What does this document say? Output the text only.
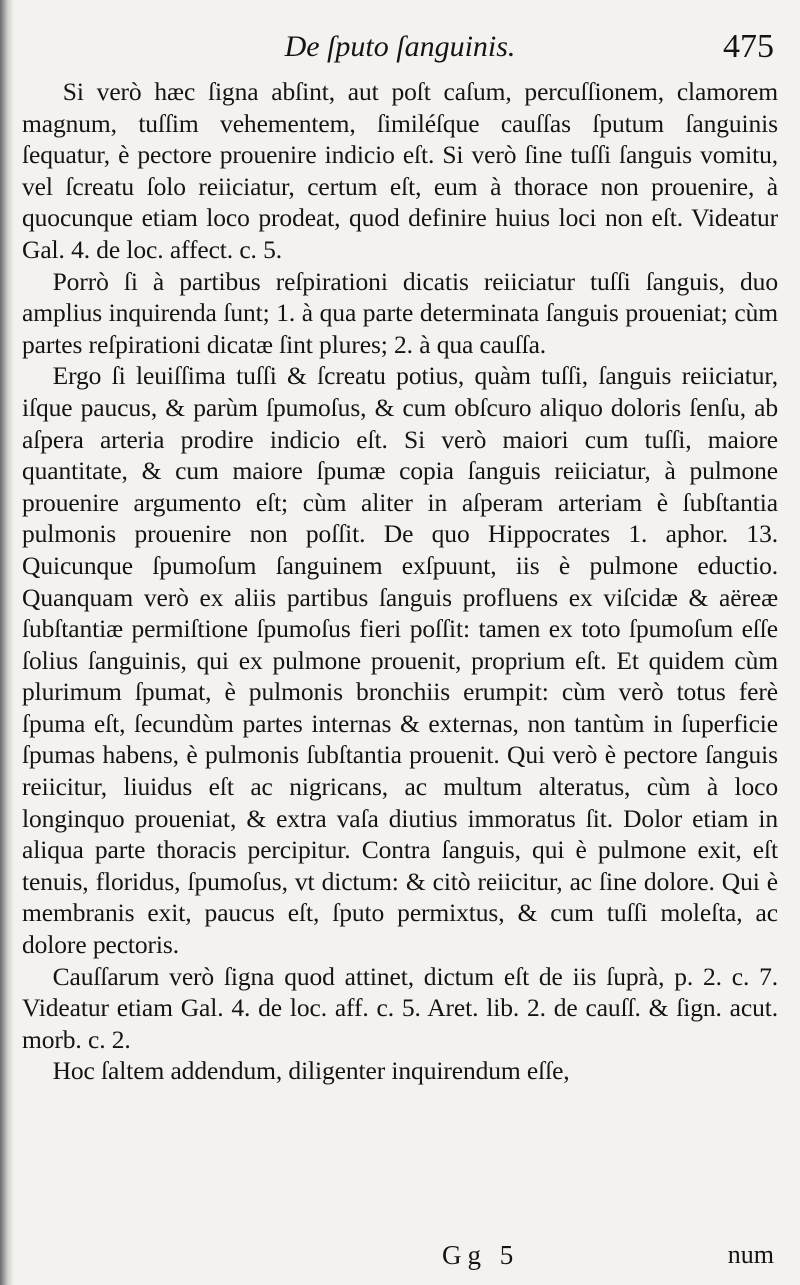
De ſputo ſanguinis.	475

Si verò hæc ſigna abſint, aut poſt caſum, percuſſionem, clamorem magnum, tuſſim vehementem, ſimiléſque cauſſas ſputum ſanguinis ſequatur, è pectore prouenire indicio eſt. Si verò ſine tuſſi ſanguis vomitu, vel ſcreatu ſolo reiiciatur, certum eſt, eum à thorace non prouenire, à quocunque etiam loco prodeat, quod definire huius loci non eſt. Videatur Gal. 4. de loc. affect. c. 5.

Porrò ſi à partibus reſpirationi dicatis reiiciatur tuſſi ſanguis, duo amplius inquirenda ſunt; 1. à qua parte determinata ſanguis proueniat; cùm partes reſpirationi dicatæ ſint plures; 2. à qua cauſſa.

Ergo ſi leuiſſima tuſſi & ſcreatu potius, quàm tuſſi, ſanguis reiiciatur, iſque paucus, & parùm ſpumoſus, & cum obſcuro aliquo doloris ſenſu, ab aſpera arteria prodire indicio eſt. Si verò maiori cum tuſſi, maiore quantitate, & cum maiore ſpumæ copia ſanguis reiiciatur, à pulmone prouenire argumento eſt; cùm aliter in aſperam arteriam è ſubſtantia pulmonis prouenire non poſſit. De quo Hippocrates 1. aphor. 13. Quicunque ſpumoſum ſanguinem exſpuunt, iis è pulmone eductio. Quanquam verò ex aliis partibus ſanguis profluens ex viſcidæ & aëreæ ſubſtantiæ permiſtione ſpumoſus fieri poſſit: tamen ex toto ſpumoſum eſſe ſolius ſanguinis, qui ex pulmone prouenit, proprium eſt. Et quidem cùm plurimum ſpumat, è pulmonis bronchiis erumpit: cùm verò totus ferè ſpuma eſt, ſecundùm partes internas & externas, non tantùm in ſuperficie ſpumas habens, è pulmonis ſubſtantia prouenit. Qui verò è pectore ſanguis reiicitur, liuidus eſt ac nigricans, ac multum alteratus, cùm à loco longinquo proueniat, & extra vaſa diutius immoratus ſit. Dolor etiam in aliqua parte thoracis percipitur. Contra ſanguis, qui è pulmone exit, eſt tenuis, floridus, ſpumoſus, vt dictum: & citò reiicitur, ac ſine dolore. Qui è membranis exit, paucus eſt, ſputo permixtus, & cum tuſſi moleſta, ac dolore pectoris.

Cauſſarum verò ſigna quod attinet, dictum eſt de iis ſuprà, p. 2. c. 7. Videatur etiam Gal. 4. de loc. aff. c. 5. Aret. lib. 2. de cauſſ. & ſign. acut. morb. c. 2.

Hoc ſaltem addendum, diligenter inquirendum eſſe,

Gg 5	num
